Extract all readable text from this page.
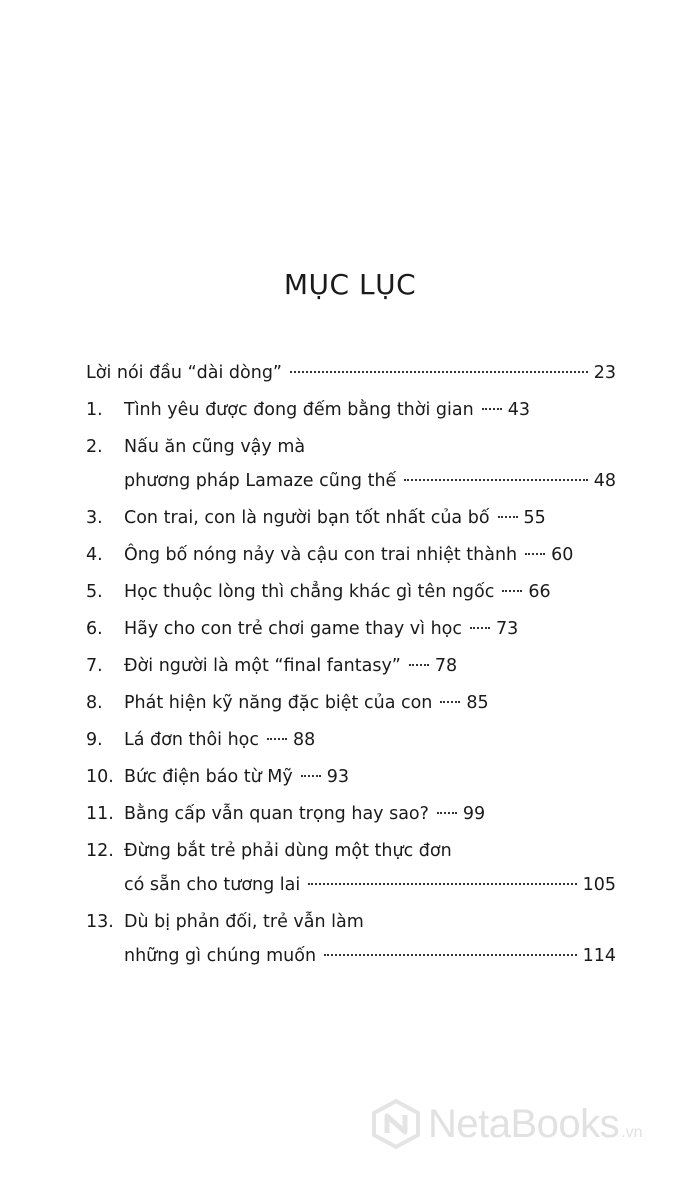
MỤC LỤC
Lời nói đầu “dài dòng”	23
1.	Tình yêu được đong đếm bằng thời gian 43
2.	Nấu ăn cũng vậy mà
phương pháp Lamaze cũng thế	48
3.	Con trai, con là người bạn tốt nhất của bố 55
4.	Ông bố nóng nảy và cậu con trai nhiệt thành 60
5.	Học thuộc lòng thì chẳng khác gì tên ngốc 66
6.	Hãy cho con trẻ chơi game thay vì học 73
7.	Đời người là một “final fantasy” 78
8.	Phát hiện kỹ năng đặc biệt của con 85
9.	Lá đơn thôi học 88
10. Bức điện báo từ Mỹ 93
11. Bằng cấp vẫn quan trọng hay sao? 99
12. Đừng bắt trẻ phải dùng một thực đơn
có sẵn cho tương lai	105
13. Dù bị phản đối, trẻ vẫn làm
những gì chúng muốn	114
NetaBooks .vn
